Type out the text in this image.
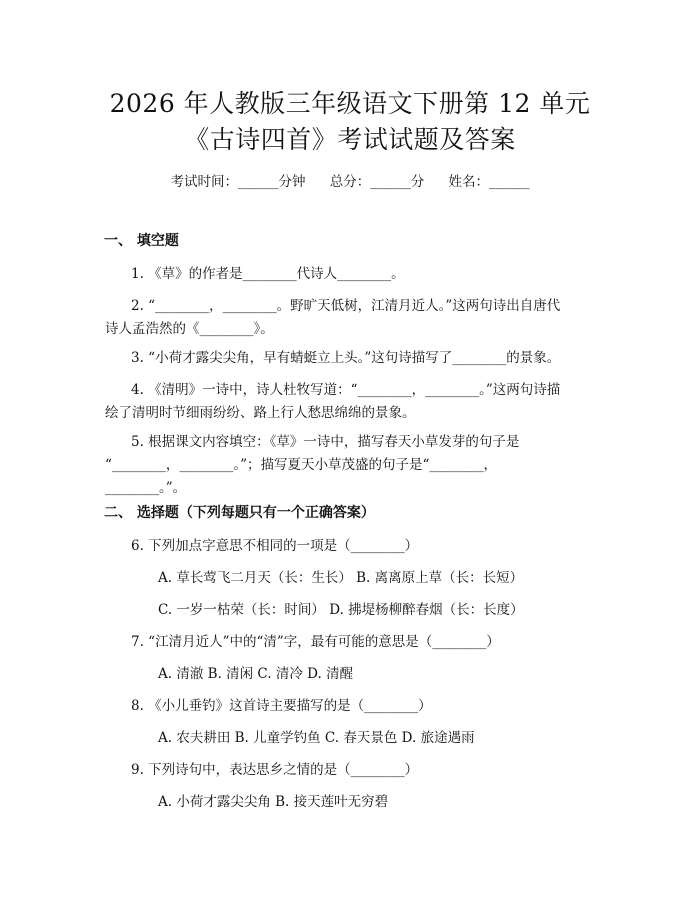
2026 年人教版三年级语文下册第 12 单元
《古诗四首》考试试题及答案
考试时间：______分钟 总分：______分 姓名：______
一、 填空题
1. 《草》的作者是________代诗人________。
2. “________，________。野旷天低树，江清月近人。”这两句诗出自唐代
诗人孟浩然的《________》。
3. “小荷才露尖尖角，早有蜻蜓立上头。”这句诗描写了________的景象。
4. 《清明》一诗中，诗人杜牧写道：“________，________。”这两句诗描
绘了清明时节细雨纷纷、路上行人愁思绵绵的景象。
5. 根据课文内容填空：《草》一诗中，描写春天小草发芽的句子是
“________，________。”；描写夏天小草茂盛的句子是“________，
________。”。
二、 选择题（下列每题只有一个正确答案）
6. 下列加点字意思不相同的一项是（________）
A. 草长莺飞二月天（长：生长） B. 离离原上草（长：长短）
C. 一岁一枯荣（长：时间） D. 拂堤杨柳醉春烟（长：长度）
7. “江清月近人”中的“清”字，最有可能的意思是（________）
A. 清澈 B. 清闲 C. 清冷 D. 清醒
8. 《小儿垂钓》这首诗主要描写的是（________）
A. 农夫耕田 B. 儿童学钓鱼 C. 春天景色 D. 旅途遇雨
9. 下列诗句中，表达思乡之情的是（________）
A. 小荷才露尖尖角 B. 接天莲叶无穷碧
